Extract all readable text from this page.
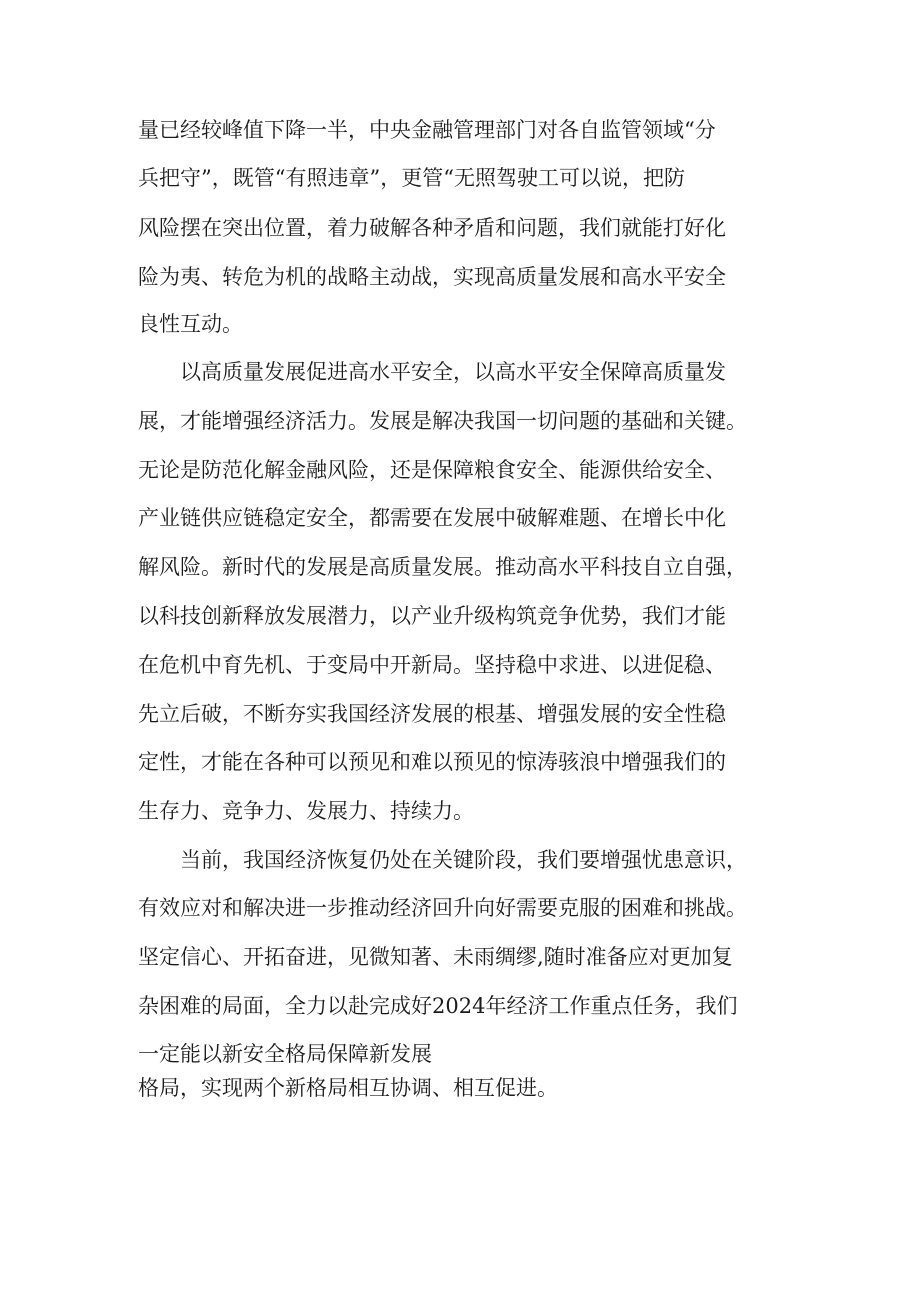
量已经较峰值下降一半，中央金融管理部门对各自监管领域“分
兵把守”，既管“有照违章”，更管“无照驾驶工可以说，把防
风险摆在突出位置，着力破解各种矛盾和问题，我们就能打好化
险为夷、转危为机的战略主动战，实现高质量发展和高水平安全
良性互动。
以高质量发展促进高水平安全，以高水平安全保障高质量发
展，才能增强经济活力。发展是解决我国一切问题的基础和关键。
无论是防范化解金融风险，还是保障粮食安全、能源供给安全、
产业链供应链稳定安全，都需要在发展中破解难题、在增长中化
解风险。新时代的发展是高质量发展。推动高水平科技自立自强，
以科技创新释放发展潜力，以产业升级构筑竞争优势，我们才能
在危机中育先机、于变局中开新局。坚持稳中求进、以进促稳、
先立后破，不断夯实我国经济发展的根基、增强发展的安全性稳
定性，才能在各种可以预见和难以预见的惊涛骇浪中增强我们的
生存力、竞争力、发展力、持续力。
当前，我国经济恢复仍处在关键阶段，我们要增强忧患意识，
有效应对和解决进一步推动经济回升向好需要克服的困难和挑战。
坚定信心、开拓奋进，见微知著、未雨绸缪,随时准备应对更加复
杂困难的局面，全力以赴完成好2024年经济工作重点任务，我们
一定能以新安全格局保障新发展
格局，实现两个新格局相互协调、相互促进。
